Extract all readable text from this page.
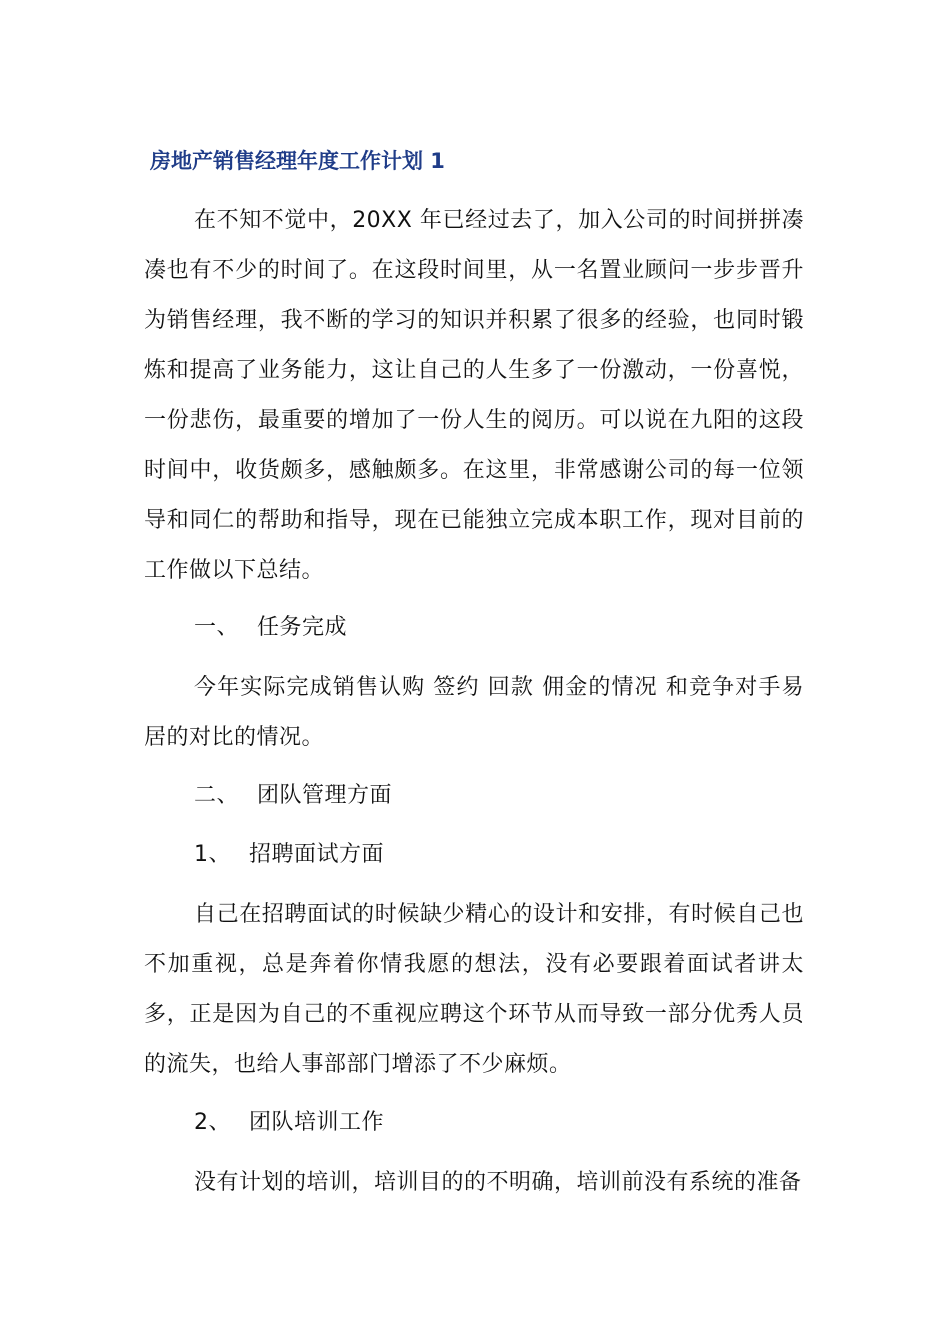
房地产销售经理年度工作计划 1

在不知不觉中，20XX 年已经过去了，加入公司的时间拼拼凑凑也有不少的时间了。在这段时间里，从一名置业顾问一步步晋升为销售经理，我不断的学习的知识并积累了很多的经验，也同时锻炼和提高了业务能力，这让自己的人生多了一份激动，一份喜悦，一份悲伤，最重要的增加了一份人生的阅历。可以说在九阳的这段时间中，收货颇多，感触颇多。在这里，非常感谢公司的每一位领导和同仁的帮助和指导，现在已能独立完成本职工作，现对目前的工作做以下总结。

一、 任务完成

今年实际完成销售认购 签约 回款 佣金的情况 和竞争对手易居的对比的情况。

二、 团队管理方面
1、 招聘面试方面

自己在招聘面试的时候缺少精心的设计和安排，有时候自己也不加重视，总是奔着你情我愿的想法，没有必要跟着面试者讲太多，正是因为自己的不重视应聘这个环节从而导致一部分优秀人员的流失，也给人事部部门增添了不少麻烦。

2、 团队培训工作

没有计划的培训，培训目的的不明确，培训前没有系统的准备
